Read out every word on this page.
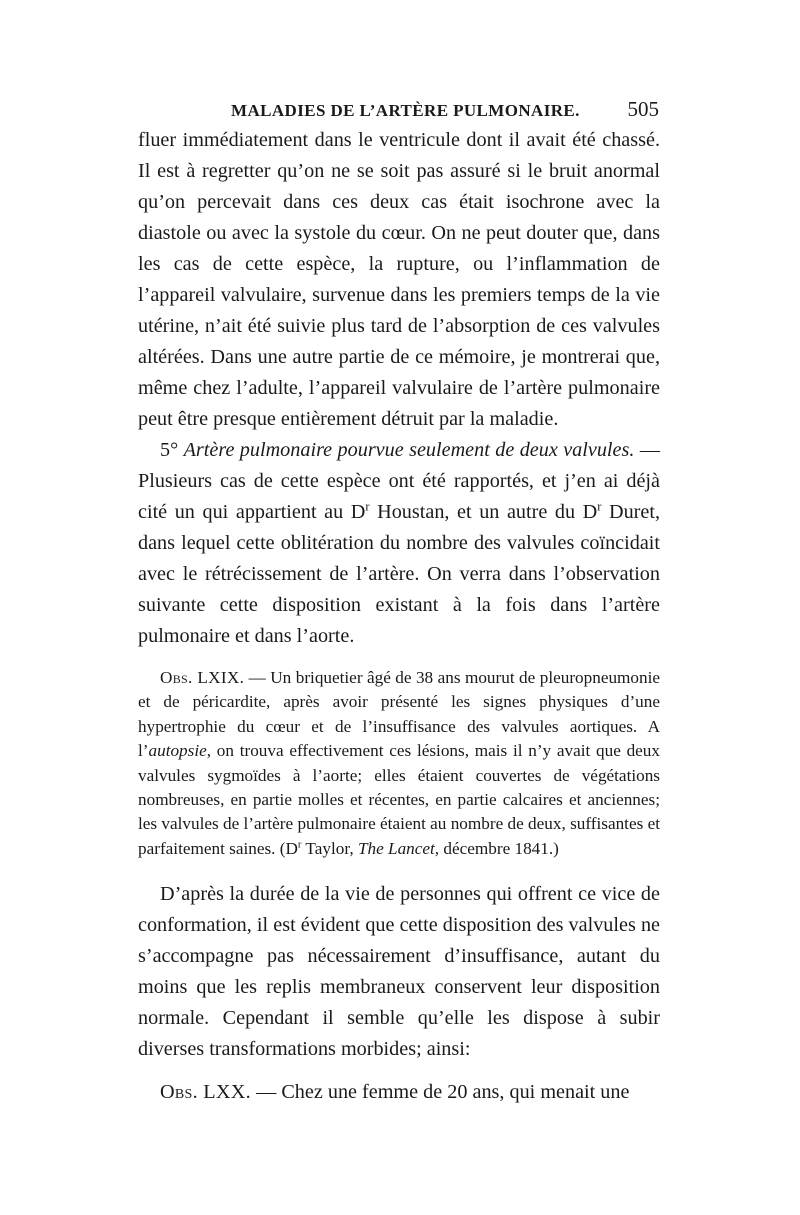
MALADIES DE L’ARTÈRE PULMONAIRE. 505

fluer immédiatement dans le ventricule dont il avait été chassé. Il est à regretter qu’on ne se soit pas assuré si le bruit anormal qu’on percevait dans ces deux cas était isochrone avec la diastole ou avec la systole du cœur. On ne peut douter que, dans les cas de cette espèce, la rupture, ou l’inflammation de l’appareil valvulaire, survenue dans les premiers temps de la vie utérine, n’ait été suivie plus tard de l’absorption de ces valvules altérées. Dans une autre partie de ce mémoire, je montrerai que, même chez l’adulte, l’appareil valvulaire de l’artère pulmonaire peut être presque entièrement détruit par la maladie.

5° Artère pulmonaire pourvue seulement de deux valvules. — Plusieurs cas de cette espèce ont été rapportés, et j’en ai déjà cité un qui appartient au $D^r$ Houstan, et un autre du $D^r$ Duret, dans lequel cette oblitération du nombre des valvules coïncidait avec le rétrécissement de l’artère. On verra dans l’observation suivante cette disposition existant à la fois dans l’artère pulmonaire et dans l’aorte.

Obs. LXIX. — Un briquetier âgé de 38 ans mourut de pleuropneumonie et de péricardite, après avoir présenté les signes physiques d’une hypertrophie du cœur et de l’insuffisance des valvules aortiques. A l’autopsie, on trouva effectivement ces lésions, mais il n’y avait que deux valvules sygmoïdes à l’aorte; elles étaient couvertes de végétations nombreuses, en partie molles et récentes, en partie calcaires et anciennes; les valvules de l’artère pulmonaire étaient au nombre de deux, suffisantes et parfaitement saines. ($D^r$ Taylor, The Lancet, décembre 1841.)

D’après la durée de la vie de personnes qui offrent ce vice de conformation, il est évident que cette disposition des valvules ne s’accompagne pas nécessairement d’insuffisance, autant du moins que les replis membraneux conservent leur disposition normale. Cependant il semble qu’elle les dispose à subir diverses transformations morbides; ainsi:

Obs. LXX. — Chez une femme de 20 ans, qui menait une
